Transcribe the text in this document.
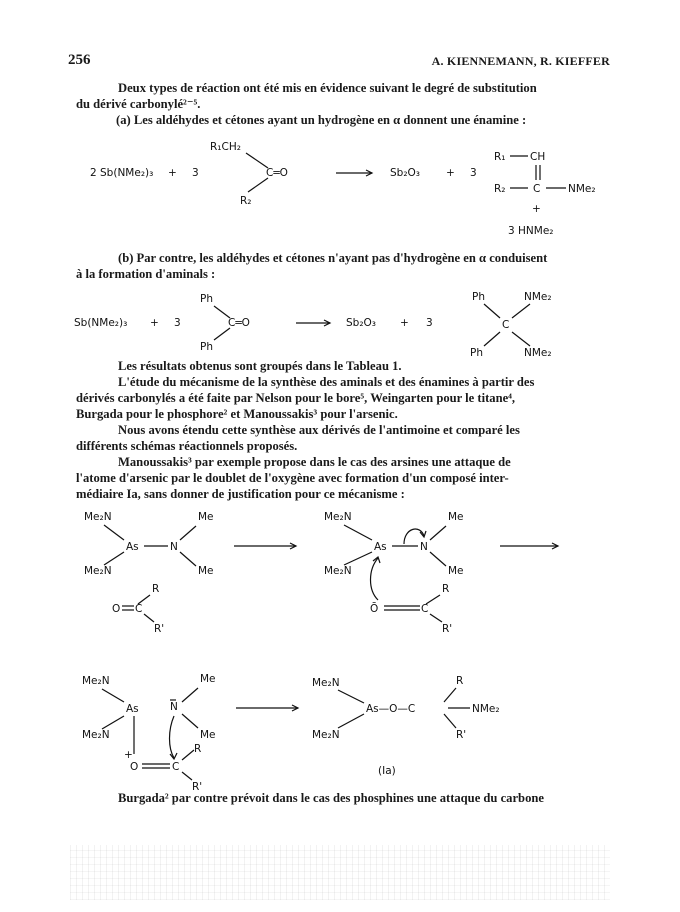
256	A. KIENNEMANN, R. KIEFFER
Deux types de réaction ont été mis en évidence suivant le degré de substitution
du dérivé carbonylé²⁻⁵.
(a) Les aldéhydes et cétones ayant un hydrogène en α donnent une énamine :
(b) Par contre, les aldéhydes et cétones n'ayant pas d'hydrogène en α conduisent
à la formation d'aminals :
Les résultats obtenus sont groupés dans le Tableau 1.
L'étude du mécanisme de la synthèse des aminals et des énamines à partir des
dérivés carbonylés a été faite par Nelson pour le bore⁵, Weingarten pour le titane⁴,
Burgada pour le phosphore² et Manoussakis³ pour l'arsenic.
Nous avons étendu cette synthèse aux dérivés de l'antimoine et comparé les
différents schémas réactionnels proposés.
Manoussakis³ par exemple propose dans le cas des arsines une attaque de
l'atome d'arsenic par le doublet de l'oxygène avec formation d'un composé inter-
médiaire Ia, sans donner de justification pour ce mécanisme :
Burgada² par contre prévoit dans le cas des phosphines une attaque du carbone
2 Sb(NMe₂)₃ + 3
R₁CH₂
R₂
C═O	Sb₂O₃ + 3
R₁ CH
R₂	C	NMe₂
+
3 HNMe₂
Sb(NMe₂)₃ + 3
Ph
Ph
C═O	Sb₂O₃ + 3
Ph	NMe₂
C
Ph	NMe₂
Me₂N
Me₂N
As	N
Me
Me
R
O C
R'
Me₂N
Me₂N
As	N
Me
Me
R
Ō	C
R'
Me₂N
Me₂N
As
+
O	C
N
Me
Me
R
R'
Me₂N
Me₂N
As—O—C
R
NMe₂
R'
(Ia)
